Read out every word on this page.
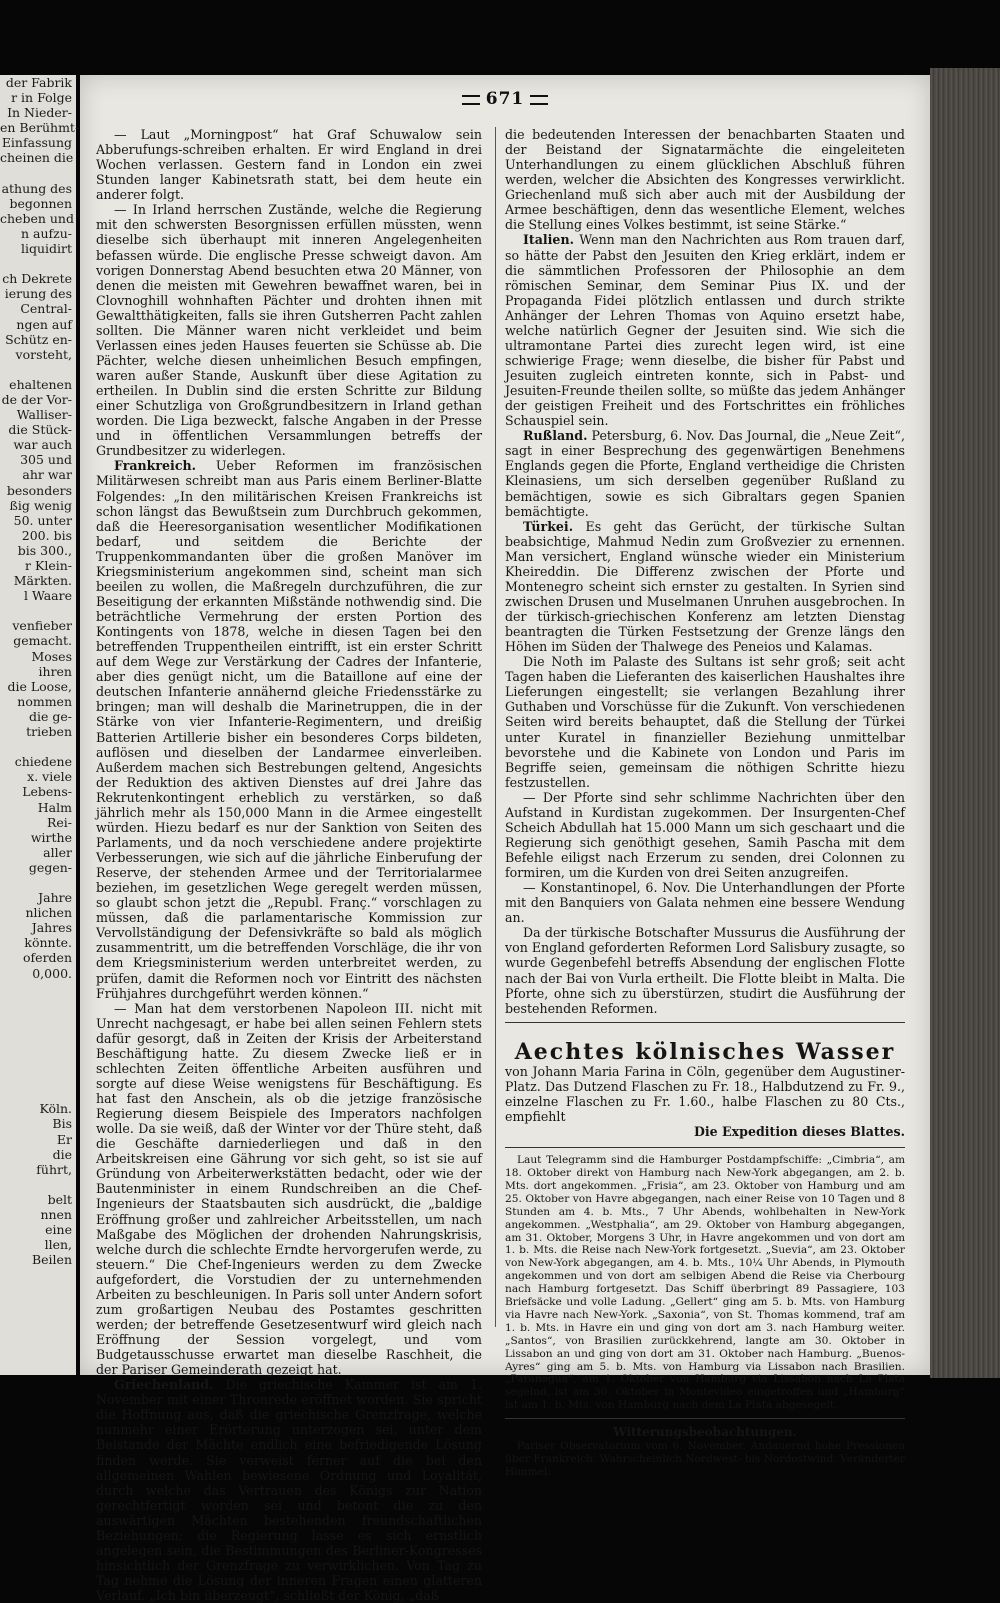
der Fabrik
r in Folge
In Nieder-
en Berühmt-
Einfassung
cheinen die

athung des
begonnen
cheben und
n aufzu-
liquidirt

ch Dekrete
ierung des
Central-
ngen auf
Schütz en-
vorsteht,

ehaltenen
de der Vor-
Walliser-
die Stück-
war auch
305 und
ahr war
besonders
ßig wenig
50. unter
200. bis
bis 300.,
r Klein-
Märkten.
l Waare

venfieber
gemacht.
Moses
ihren
die Loose,
nommen
die ge-
trieben

chiedene
x. viele
Lebens-
Halm
Rei-
wirthe
aller
gegen-

Jahre
nlichen
Jahres
könnte.
oferden
0,000.

Köln.
Bis
Er
die
führt,

belt
nnen
eine
llen,
Beilen
671

— Laut „Morningpost“ hat Graf Schuwalow sein Abberufungs-schreiben erhalten. Er wird England in drei Wochen verlassen. Gestern fand in London ein zwei Stunden langer Kabinetsrath statt, bei dem heute ein anderer folgt.

— In Irland herrschen Zustände, welche die Regierung mit den schwersten Besorgnissen erfüllen müssten, wenn dieselbe sich überhaupt mit inneren Angelegenheiten befassen würde. Die englische Presse schweigt davon. Am vorigen Donnerstag Abend besuchten etwa 20 Männer, von denen die meisten mit Gewehren bewaffnet waren, bei in Clovnoghill wohnhaften Pächter und drohten ihnen mit Gewaltthätigkeiten, falls sie ihren Gutsherren Pacht zahlen sollten. Die Männer waren nicht verkleidet und beim Verlassen eines jeden Hauses feuerten sie Schüsse ab. Die Pächter, welche diesen unheimlichen Besuch empfingen, waren außer Stande, Auskunft über diese Agitation zu ertheilen. In Dublin sind die ersten Schritte zur Bildung einer Schutzliga von Großgrundbesitzern in Irland gethan worden. Die Liga bezweckt, falsche Angaben in der Presse und in öffentlichen Versammlungen betreffs der Grundbesitzer zu widerlegen.

Frankreich. Ueber Reformen im französischen Militärwesen schreibt man aus Paris einem Berliner-Blatte Folgendes: „In den militärischen Kreisen Frankreichs ist schon längst das Bewußtsein zum Durchbruch gekommen, daß die Heeresorganisation wesentlicher Modifikationen bedarf, und seitdem die Berichte der Truppenkommandanten über die großen Manöver im Kriegsministerium angekommen sind, scheint man sich beeilen zu wollen, die Maßregeln durchzuführen, die zur Beseitigung der erkannten Mißstände nothwendig sind. Die beträchtliche Vermehrung der ersten Portion des Kontingents von 1878, welche in diesen Tagen bei den betreffenden Truppentheilen eintrifft, ist ein erster Schritt auf dem Wege zur Verstärkung der Cadres der Infanterie, aber dies genügt nicht, um die Bataillone auf eine der deutschen Infanterie annähernd gleiche Friedensstärke zu bringen; man will deshalb die Marinetruppen, die in der Stärke von vier Infanterie-Regimentern, und dreißig Batterien Artillerie bisher ein besonderes Corps bildeten, auflösen und dieselben der Landarmee einverleiben. Außerdem machen sich Bestrebungen geltend, Angesichts der Reduktion des aktiven Dienstes auf drei Jahre das Rekrutenkontingent erheblich zu verstärken, so daß jährlich mehr als 150,000 Mann in die Armee eingestellt würden. Hiezu bedarf es nur der Sanktion von Seiten des Parlaments, und da noch verschiedene andere projektirte Verbesserungen, wie sich auf die jährliche Einberufung der Reserve, der stehenden Armee und der Territorialarmee beziehen, im gesetzlichen Wege geregelt werden müssen, so glaubt schon jetzt die „Republ. Franç.“ vorschlagen zu müssen, daß die parlamentarische Kommission zur Vervollständigung der Defensivkräfte so bald als möglich zusammentritt, um die betreffenden Vorschläge, die ihr von dem Kriegsministerium werden unterbreitet werden, zu prüfen, damit die Reformen noch vor Eintritt des nächsten Frühjahres durchgeführt werden können.“

— Man hat dem verstorbenen Napoleon III. nicht mit Unrecht nachgesagt, er habe bei allen seinen Fehlern stets dafür gesorgt, daß in Zeiten der Krisis der Arbeiterstand Beschäftigung hatte. Zu diesem Zwecke ließ er in schlechten Zeiten öffentliche Arbeiten ausführen und sorgte auf diese Weise wenigstens für Beschäftigung. Es hat fast den Anschein, als ob die jetzige französische Regierung diesem Beispiele des Imperators nachfolgen wolle. Da sie weiß, daß der Winter vor der Thüre steht, daß die Geschäfte darniederliegen und daß in den Arbeitskreisen eine Gährung vor sich geht, so ist sie auf Gründung von Arbeiterwerkstätten bedacht, oder wie der Bautenminister in einem Rundschreiben an die Chef-Ingenieurs der Staatsbauten sich ausdrückt, die „baldige Eröffnung großer und zahlreicher Arbeitsstellen, um nach Maßgabe des Möglichen der drohenden Nahrungskrisis, welche durch die schlechte Erndte hervorgerufen werde, zu steuern.“ Die Chef-Ingenieurs werden zu dem Zwecke aufgefordert, die Vorstudien der zu unternehmenden Arbeiten zu beschleunigen. In Paris soll unter Andern sofort zum großartigen Neubau des Postamtes geschritten werden; der betreffende Gesetzesentwurf wird gleich nach Eröffnung der Session vorgelegt, und vom Budgetausschusse erwartet man dieselbe Raschheit, die der Pariser Gemeinderath gezeigt hat.

Griechenland. Die griechische Kammer ist am 1. November mit einer Thronrede eröffnet worden. Sie spricht die Hoffnung aus, daß die griechische Grenzfrage, welche nunmehr einer Erörterung unterzogen sei, unter dem Beistande der Mächte endlich eine befriedigende Lösung finden werde. Sie verweist ferner auf die bei den allgemeinen Wahlen bewiesene Ordnung und Loyalität, durch welche das Vertrauen des Königs zur Nation gerechtfertigt worden sei und betont die zu den auswärtigen Mächten bestehenden freundschaftlichen Beziehungen; die Regierung lasse es sich ernstlich angelegen sein, die Bestimmungen des Berliner-Kongresses hinsichtlich der Grenzfrage zu verwirklichen. Von Tag zu Tag nehme die Lösung der inneren Fragen einen glatteren Verlauf. „Ich bin überzeugt“, schließt der König, „daß

die bedeutenden Interessen der benachbarten Staaten und der Beistand der Signatarmächte die eingeleiteten Unterhandlungen zu einem glücklichen Abschluß führen werden, welcher die Absichten des Kongresses verwirklicht. Griechenland muß sich aber auch mit der Ausbildung der Armee beschäftigen, denn das wesentliche Element, welches die Stellung eines Volkes bestimmt, ist seine Stärke.“

Italien. Wenn man den Nachrichten aus Rom trauen darf, so hätte der Pabst den Jesuiten den Krieg erklärt, indem er die sämmtlichen Professoren der Philosophie an dem römischen Seminar, dem Seminar Pius IX. und der Propaganda Fidei plötzlich entlassen und durch strikte Anhänger der Lehren Thomas von Aquino ersetzt habe, welche natürlich Gegner der Jesuiten sind. Wie sich die ultramontane Partei dies zurecht legen wird, ist eine schwierige Frage; wenn dieselbe, die bisher für Pabst und Jesuiten zugleich eintreten konnte, sich in Pabst- und Jesuiten-Freunde theilen sollte, so müßte das jedem Anhänger der geistigen Freiheit und des Fortschrittes ein fröhliches Schauspiel sein.

Rußland. Petersburg, 6. Nov. Das Journal, die „Neue Zeit“, sagt in einer Besprechung des gegenwärtigen Benehmens Englands gegen die Pforte, England vertheidige die Christen Kleinasiens, um sich derselben gegenüber Rußland zu bemächtigen, sowie es sich Gibraltars gegen Spanien bemächtigte.

Türkei. Es geht das Gerücht, der türkische Sultan beabsichtige, Mahmud Nedin zum Großvezier zu ernennen. Man versichert, England wünsche wieder ein Ministerium Kheireddin. Die Differenz zwischen der Pforte und Montenegro scheint sich ernster zu gestalten. In Syrien sind zwischen Drusen und Muselmanen Unruhen ausgebrochen. In der türkisch-griechischen Konferenz am letzten Dienstag beantragten die Türken Festsetzung der Grenze längs den Höhen im Süden der Thalwege des Peneios und Kalamas.

Die Noth im Palaste des Sultans ist sehr groß; seit acht Tagen haben die Lieferanten des kaiserlichen Haushaltes ihre Lieferungen eingestellt; sie verlangen Bezahlung ihrer Guthaben und Vorschüsse für die Zukunft. Von verschiedenen Seiten wird bereits behauptet, daß die Stellung der Türkei unter Kuratel in finanzieller Beziehung unmittelbar bevorstehe und die Kabinete von London und Paris im Begriffe seien, gemeinsam die nöthigen Schritte hiezu festzustellen.

— Der Pforte sind sehr schlimme Nachrichten über den Aufstand in Kurdistan zugekommen. Der Insurgenten-Chef Scheich Abdullah hat 15.000 Mann um sich geschaart und die Regierung sich genöthigt gesehen, Samih Pascha mit dem Befehle eiligst nach Erzerum zu senden, drei Colonnen zu formiren, um die Kurden von drei Seiten anzugreifen.

— Konstantinopel, 6. Nov. Die Unterhandlungen der Pforte mit den Banquiers von Galata nehmen eine bessere Wendung an.

Da der türkische Botschafter Mussurus die Ausführung der von England geforderten Reformen Lord Salisbury zusagte, so wurde Gegenbefehl betreffs Absendung der englischen Flotte nach der Bai von Vurla ertheilt. Die Flotte bleibt in Malta. Die Pforte, ohne sich zu überstürzen, studirt die Ausführung der bestehenden Reformen.

Aechtes kölnisches Wasser

von Johann Maria Farina in Cöln, gegenüber dem Augustiner-Platz. Das Dutzend Flaschen zu Fr. 18., Halbdutzend zu Fr. 9., einzelne Flaschen zu Fr. 1.60., halbe Flaschen zu 80 Cts., empfiehlt

Die Expedition dieses Blattes.

Laut Telegramm sind die Hamburger Postdampfschiffe: „Cimbria“, am 18. Oktober direkt von Hamburg nach New-York abgegangen, am 2. b. Mts. dort angekommen. „Frisia“, am 23. Oktober von Hamburg und am 25. Oktober von Havre abgegangen, nach einer Reise von 10 Tagen und 8 Stunden am 4. b. Mts., 7 Uhr Abends, wohlbehalten in New-York angekommen. „Westphalia“, am 29. Oktober von Hamburg abgegangen, am 31. Oktober, Morgens 3 Uhr, in Havre angekommen und von dort am 1. b. Mts. die Reise nach New-York fortgesetzt. „Suevia“, am 23. Oktober von New-York abgegangen, am 4. b. Mts., 10¼ Uhr Abends, in Plymouth angekommen und von dort am selbigen Abend die Reise via Cherbourg nach Hamburg fortgesetzt. Das Schiff überbringt 89 Passagiere, 103 Briefsäcke und volle Ladung. „Gellert“ ging am 5. b. Mts. von Hamburg via Havre nach New-York. „Saxonia“, von St. Thomas kommend, traf am 1. b. Mts. in Havre ein und ging von dort am 3. nach Hamburg weiter. „Santos“, von Brasilien zurückkehrend, langte am 30. Oktober in Lissabon an und ging von dort am 31. Oktober nach Hamburg. „Buenos-Ayres“ ging am 5. b. Mts. von Hamburg via Lissabon nach Brasilien. „Paranagua“, am 1. Oktober von Hamburg via Lissabon nach La Plata segelnd, ist am 30. Oktober in Montevideo eingetroffen und „Hamburg“ ist am 1. b. Mts. von Hamburg nach dem La Plata abgesegelt.

Witterungsbeobachtungen.

Pariser Observatorium vom 6. November. Andauernd hohe Pressionen über Frankreich. Wahrscheinlich Nordwest- bis Nordostwind. Veränderter Himmel.
